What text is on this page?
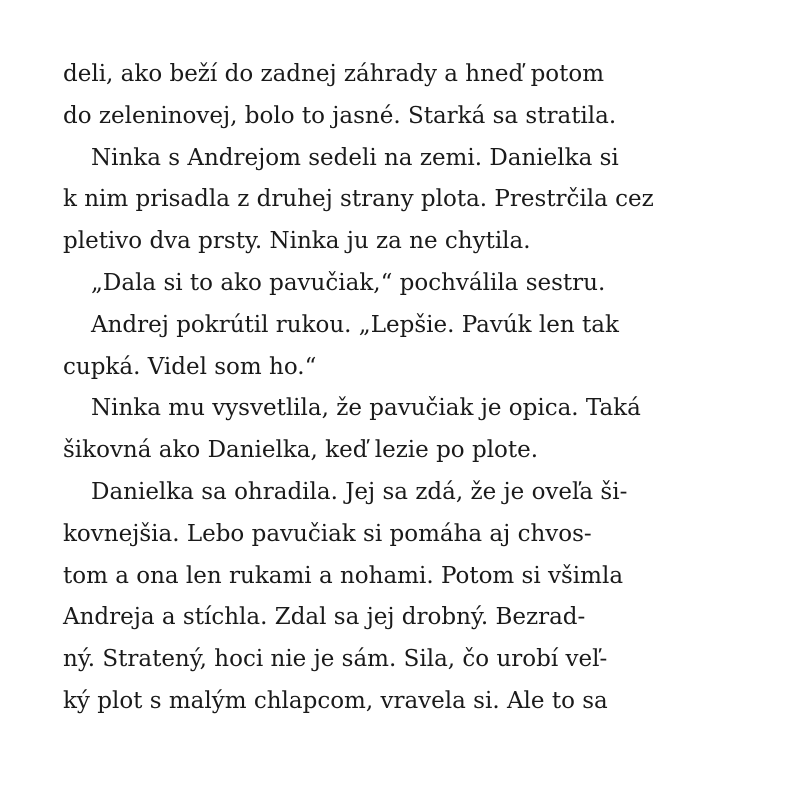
deli, ako beží do zadnej záhrady a hneď potom
do zeleninovej, bolo to jasné. Starká sa stratila.
Ninka s Andrejom sedeli na zemi. Danielka si
k nim prisadla z druhej strany plota. Prestrčila cez
pletivo dva prsty. Ninka ju za ne chytila.
„Dala si to ako pavučiak,“ pochválila sestru.
Andrej pokrútil rukou. „Lepšie. Pavúk len tak
cupká. Videl som ho.“
Ninka mu vysvetlila, že pavučiak je opica. Taká
šikovná ako Danielka, keď lezie po plote.
Danielka sa ohradila. Jej sa zdá, že je oveľa ši-
kovnejšia. Lebo pavučiak si pomáha aj chvos-
tom a ona len rukami a nohami. Potom si všimla
Andreja a stíchla. Zdal sa jej drobný. Bezrad-
ný. Stratený, hoci nie je sám. Sila, čo urobí veľ-
ký plot s malým chlapcom, vravela si. Ale to sa
